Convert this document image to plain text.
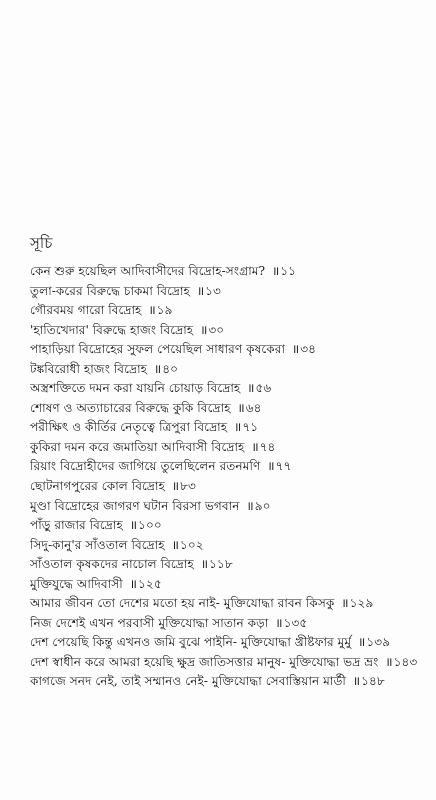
সূচি
কেন শুরু হয়েছিল আদিবাসীদের বিদ্রোহ-সংগ্রাম? ॥১১
তুলা-করের বিরুদ্ধে চাকমা বিদ্রোহ ॥১৩
গৌরবময় গারো বিদ্রোহ ॥১৯
'হাতিখেদার' বিরুদ্ধে হাজং বিদ্রোহ ॥৩০
পাহাড়িয়া বিদ্রোহের সুফল পেয়েছিল সাধারণ কৃষকেরা ॥৩৪
টঙ্কবিরোধী হাজং বিদ্রোহ ॥৪০
অস্ত্রশক্তিতে দমন করা যায়নি চোয়াড় বিদ্রোহ ॥৫৬
শোষণ ও অত্যাচারের বিরুদ্ধে কুকি বিদ্রোহ ॥৬৪
পরীক্ষিৎ ও কীর্তির নেতৃত্বে ত্রিপুরা বিদ্রোহ ॥৭১
কুকিরা দমন করে জমাতিয়া আদিবাসী বিদ্রোহ ॥৭৪
রিয়াং বিদ্রোহীদের জাগিয়ে তুলেছিলেন রতনমণি ॥৭৭
ছোটনাগপুরের কোল বিদ্রোহ ॥৮৩
মুণ্ডা বিদ্রোহের জাগরণ ঘটান বিরসা ভগবান ॥৯০
পাঁড়ু রাজার বিদ্রোহ ॥১০০
সিদু-কানু'র সাঁওতাল বিদ্রোহ ॥১০২
সাঁওতাল কৃষকদের নাচোল বিদ্রোহ ॥১১৮
মুক্তিযুদ্ধে আদিবাসী ॥১২৫
আমার জীবন তো দেশের মতো হয় নাই- মুক্তিযোদ্ধা রাবন কিসকু ॥১২৯
নিজ দেশেই এখন পরবাসী মুক্তিযোদ্ধা সাতান কড়া ॥১৩৫
দেশ পেয়েছি কিন্তু এখনও জমি বুঝে পাইনি- মুক্তিযোদ্ধা খ্রীষ্টফার মুর্মু ॥১৩৯
দেশ স্বাধীন করে আমরা হয়েছি ক্ষুদ্র জাতিসত্তার মানুষ- মুক্তিযোদ্ধা ভদ্র ভ্রং ॥১৪৩
কাগজে সনদ নেই, তাই সম্মানও নেই- মুক্তিযোদ্ধা সেবাস্তিয়ান মার্ডী ॥১৪৮
